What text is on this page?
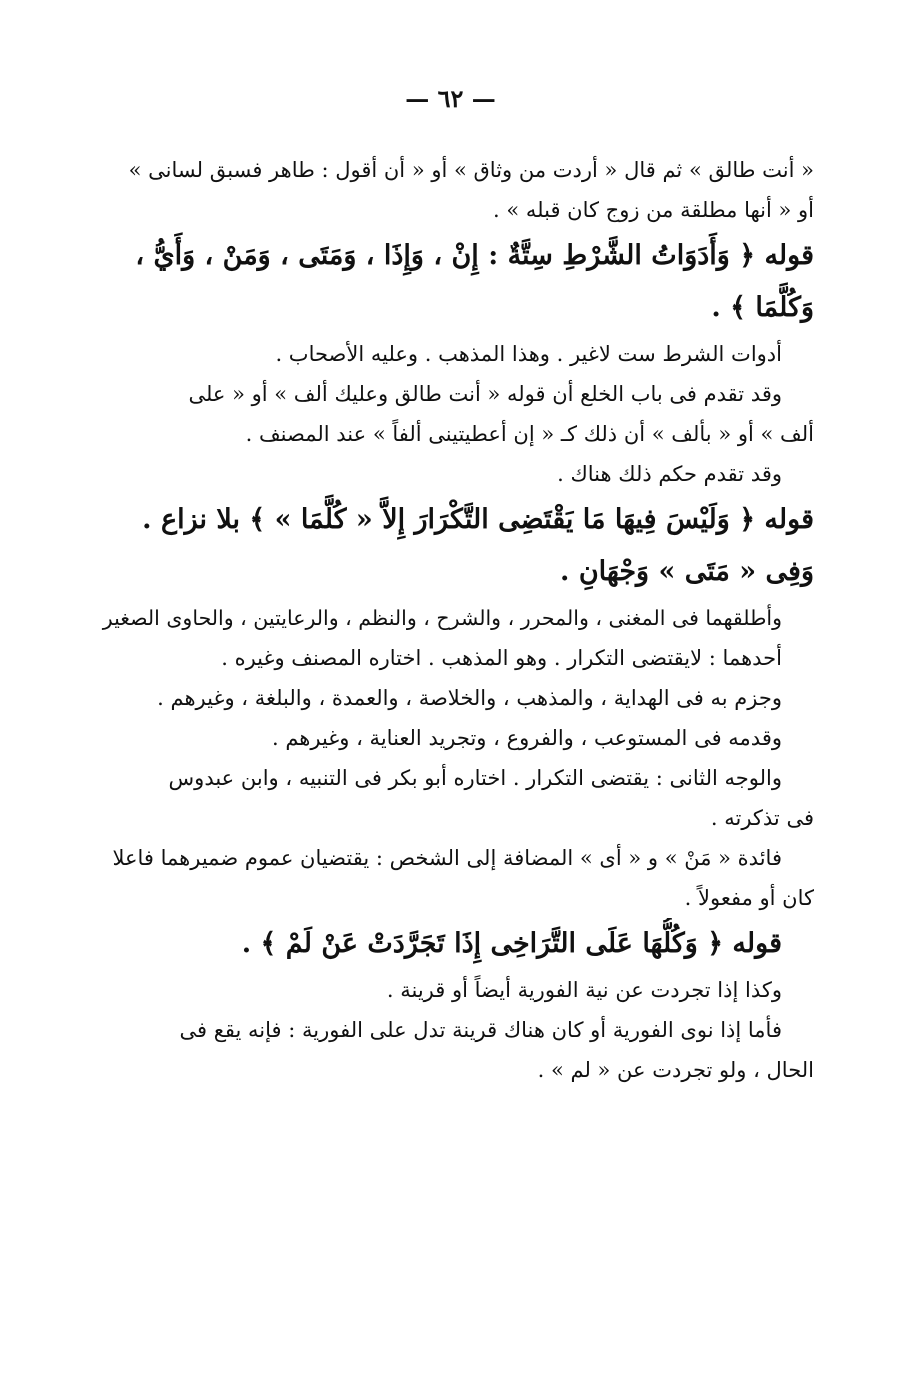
— ٦٢ —
« أنت طالق » ثم قال « أردت من وثاق » أو « أن أقول : طاهر فسبق لسانى »
أو « أنها مطلقة من زوج كان قبله » .
قوله ﴿ وَأَدَوَاتُ الشَّرْطِ سِتَّةٌ : إِنْ ، وَإِذَا ، وَمَتَى ، وَمَنْ ، وَأَيُّ ،
وَكُلَّمَا ﴾ .
أدوات الشرط ست لاغير . وهذا المذهب . وعليه الأصحاب .
وقد تقدم فى باب الخلع أن قوله « أنت طالق وعليك ألف » أو « على
ألف » أو « بألف » أن ذلك كـ « إن أعطيتينى ألفاً » عند المصنف .
وقد تقدم حكم ذلك هناك .
قوله ﴿ وَلَيْسَ فِيهَا مَا يَقْتَضِى التَّكْرَارَ إِلاَّ « كُلَّمَا » ﴾ بلا نزاع .
وَفِى « مَتَى » وَجْهَانِ .
وأطلقهما فى المغنى ، والمحرر ، والشرح ، والنظم ، والرعايتين ، والحاوى الصغير
أحدهما : لايقتضى التكرار . وهو المذهب . اختاره المصنف وغيره .
وجزم به فى الهداية ، والمذهب ، والخلاصة ، والعمدة ، والبلغة ، وغيرهم .
وقدمه فى المستوعب ، والفروع ، وتجريد العناية ، وغيرهم .
والوجه الثانى : يقتضى التكرار . اختاره أبو بكر فى التنبيه ، وابن عبدوس
فى تذكرته .
فائدة « مَنْ » و « أى » المضافة إلى الشخص : يقتضيان عموم ضميرهما فاعلا
كان أو مفعولاً .
قوله ﴿ وَكُلُّهَا عَلَى التَّرَاخِى إِذَا تَجَرَّدَتْ عَنْ لَمْ ﴾ .
وكذا إذا تجردت عن نية الفورية أيضاً أو قرينة .
فأما إذا نوى الفورية أو كان هناك قرينة تدل على الفورية : فإنه يقع فى
الحال ، ولو تجردت عن « لم » .
